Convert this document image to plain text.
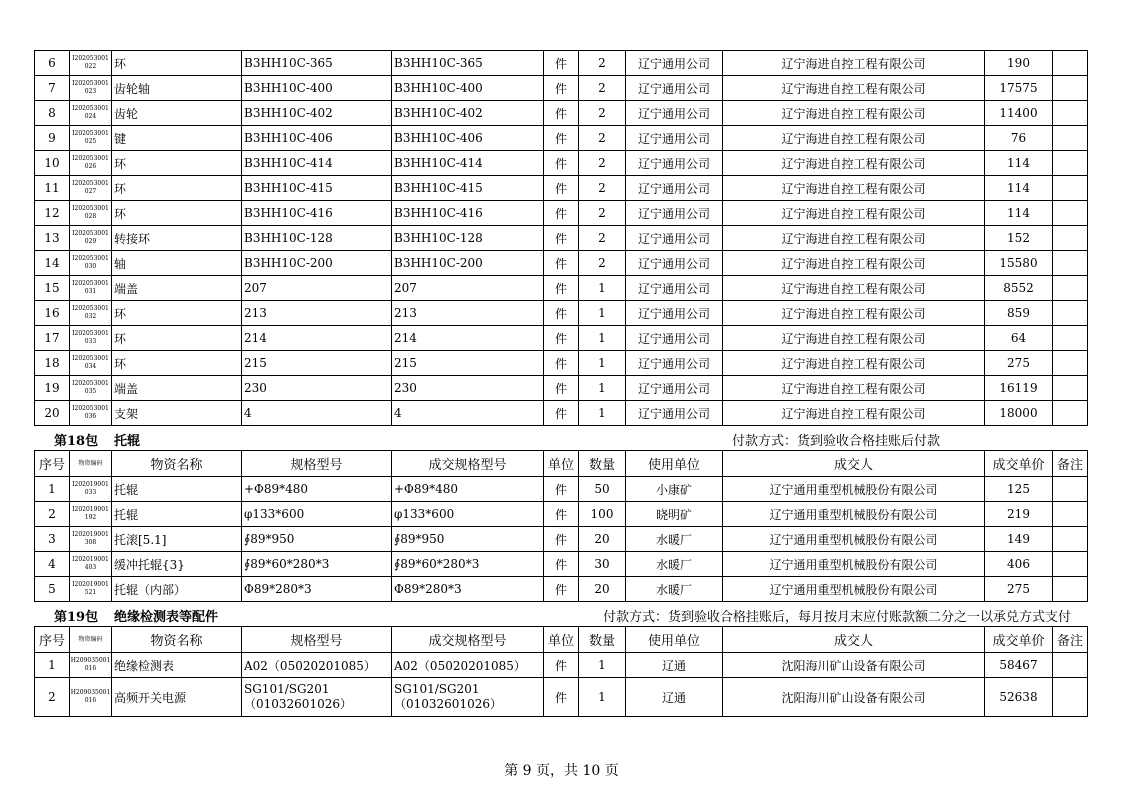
6	I202053001 022	环	B3HH10C-365	B3HH10C-365	件	2	辽宁通用公司	辽宁海进自控工程有限公司	190	
7	I202053001 023	齿轮轴	B3HH10C-400	B3HH10C-400	件	2	辽宁通用公司	辽宁海进自控工程有限公司	17575	
8	I202053001 024	齿轮	B3HH10C-402	B3HH10C-402	件	2	辽宁通用公司	辽宁海进自控工程有限公司	11400	
9	I202053001 025	键	B3HH10C-406	B3HH10C-406	件	2	辽宁通用公司	辽宁海进自控工程有限公司	76	
10	I202053001 026	环	B3HH10C-414	B3HH10C-414	件	2	辽宁通用公司	辽宁海进自控工程有限公司	114	
11	I202053001 027	环	B3HH10C-415	B3HH10C-415	件	2	辽宁通用公司	辽宁海进自控工程有限公司	114	
12	I202053001 028	环	B3HH10C-416	B3HH10C-416	件	2	辽宁通用公司	辽宁海进自控工程有限公司	114	
13	I202053001 029	转接环	B3HH10C-128	B3HH10C-128	件	2	辽宁通用公司	辽宁海进自控工程有限公司	152	
14	I202053001 030	轴	B3HH10C-200	B3HH10C-200	件	2	辽宁通用公司	辽宁海进自控工程有限公司	15580	
15	I202053001 031	端盖	207	207	件	1	辽宁通用公司	辽宁海进自控工程有限公司	8552	
16	I202053001 032	环	213	213	件	1	辽宁通用公司	辽宁海进自控工程有限公司	859	
17	I202053001 033	环	214	214	件	1	辽宁通用公司	辽宁海进自控工程有限公司	64	
18	I202053001 034	环	215	215	件	1	辽宁通用公司	辽宁海进自控工程有限公司	275	
19	I202053001 035	端盖	230	230	件	1	辽宁通用公司	辽宁海进自控工程有限公司	16119	
20	I202053001 036	支架	4	4	件	1	辽宁通用公司	辽宁海进自控工程有限公司	18000	
第18包 托辊	付款方式：货到验收合格挂账后付款
序号	物资编码	物资名称	规格型号	成交规格型号	单位	数量	使用单位	成交人	成交单价	备注
1	I202019001 033	托辊	+Φ89*480	+Φ89*480	件	50	小康矿	辽宁通用重型机械股份有限公司	125	
2	I202019001 192	托辊	φ133*600	φ133*600	件	100	晓明矿	辽宁通用重型机械股份有限公司	219	
3	I202019001 308	托滚[5.1]	∮89*950	∮89*950	件	20	水暖厂	辽宁通用重型机械股份有限公司	149	
4	I202019001 403	缓冲托辊{3}	∮89*60*280*3	∮89*60*280*3	件	30	水暖厂	辽宁通用重型机械股份有限公司	406	
5	I202019001 521	托辊（内部）	Φ89*280*3	Φ89*280*3	件	20	水暖厂	辽宁通用重型机械股份有限公司	275	
第19包 绝缘检测表等配件	付款方式：货到验收合格挂账后，每月按月末应付账款额二分之一以承兑方式支付
序号	物资编码	物资名称	规格型号	成交规格型号	单位	数量	使用单位	成交人	成交单价	备注
1	H209035001 016	绝缘检测表	A02（05020201085）	A02（05020201085）	件	1	辽通	沈阳海川矿山设备有限公司	58467	
2	H209035001 016	高频开关电源	SG101/SG201 （01032601026）	SG101/SG201 （01032601026）	件	1	辽通	沈阳海川矿山设备有限公司	52638	
第 9 页，共 10 页
